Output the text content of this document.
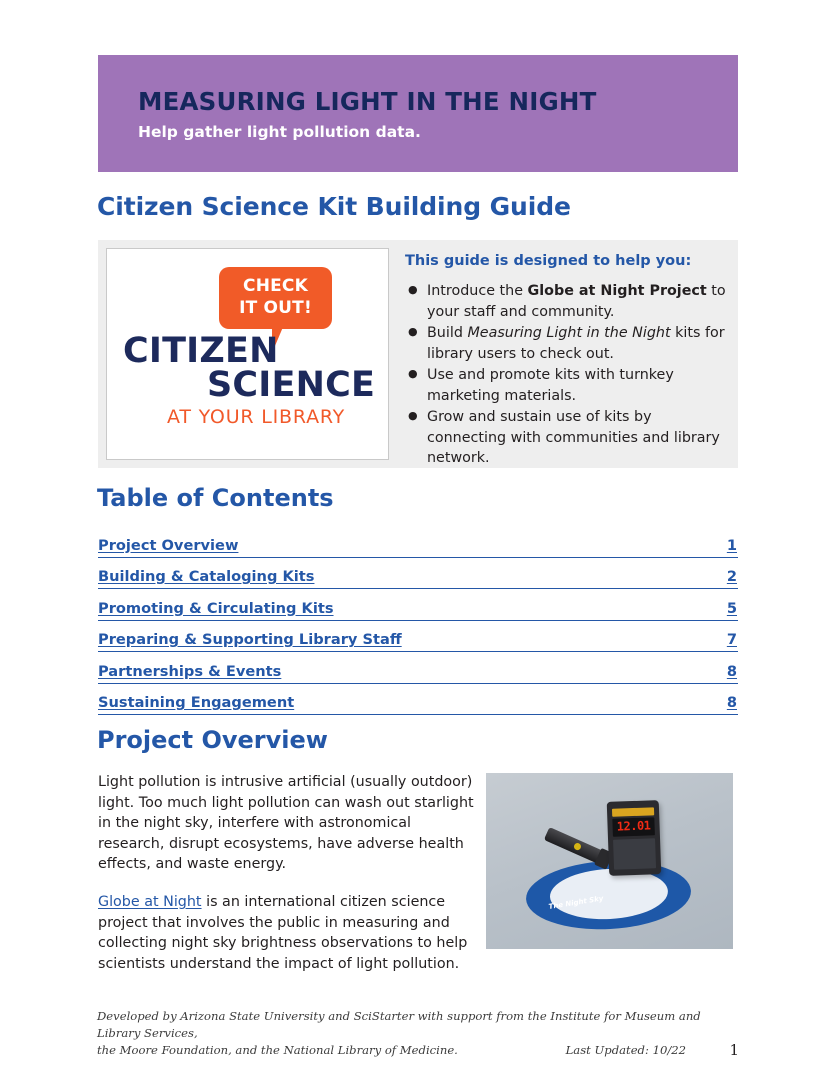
MEASURING LIGHT IN THE NIGHT
Help gather light pollution data.
Citizen Science Kit Building Guide
CHECK
IT OUT!
CITIZEN
SCIENCE
AT YOUR LIBRARY
This guide is designed to help you:
● Introduce the Globe at Night Project to your staff and community.
● Build Measuring Light in the Night kits for library users to check out.
● Use and promote kits with turnkey marketing materials.
● Grow and sustain use of kits by connecting with communities and library network.
Table of Contents
Project Overview	1
Building & Cataloging Kits	2
Promoting & Circulating Kits	5
Preparing & Supporting Library Staff	7
Partnerships & Events	8
Sustaining Engagement	8
Project Overview

Light pollution is intrusive artificial (usually outdoor) light. Too much light pollution can wash out starlight in the night sky, interfere with astronomical research, disrupt ecosystems, have adverse health effects, and waste energy.

Globe at Night is an international citizen science project that involves the public in measuring and collecting night sky brightness observations to help scientists understand the impact of light pollution.

The Night Sky
12.01
Developed by Arizona State University and SciStarter with support from the Institute for Museum and Library Services,
the Moore Foundation, and the National Library of Medicine.	Last Updated: 10/22	1
